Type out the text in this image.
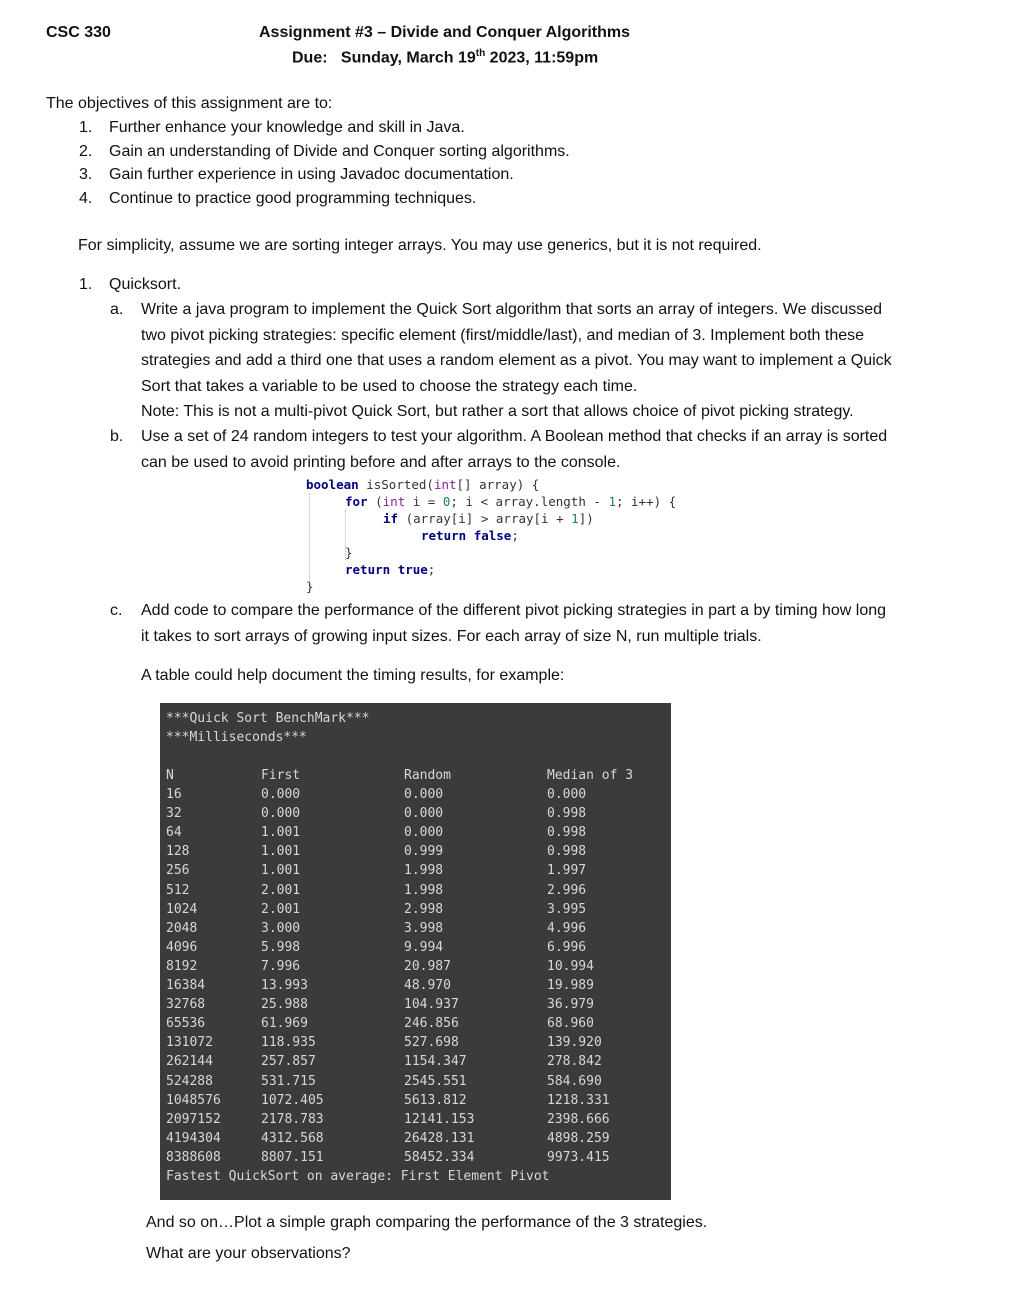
CSC 330	Assignment #3 – Divide and Conquer Algorithms
Due: Sunday, March 19th 2023, 11:59pm
The objectives of this assignment are to:
1. Further enhance your knowledge and skill in Java.
2. Gain an understanding of Divide and Conquer sorting algorithms.
3. Gain further experience in using Javadoc documentation.
4. Continue to practice good programming techniques.
For simplicity, assume we are sorting integer arrays. You may use generics, but it is not required.
1. Quicksort.
a. Write a java program to implement the Quick Sort algorithm that sorts an array of integers. We discussed
two pivot picking strategies: specific element (first/middle/last), and median of 3. Implement both these
strategies and add a third one that uses a random element as a pivot. You may want to implement a Quick
Sort that takes a variable to be used to choose the strategy each time.
Note: This is not a multi-pivot Quick Sort, but rather a sort that allows choice of pivot picking strategy.
b. Use a set of 24 random integers to test your algorithm. A Boolean method that checks if an array is sorted
can be used to avoid printing before and after arrays to the console.
boolean isSorted(int[] array) {
for (int i = 0; i < array.length - 1; i++) {
if (array[i] > array[i + 1])
return false;
}
return true;
}
c. Add code to compare the performance of the different pivot picking strategies in part a by timing how long
it takes to sort arrays of growing input sizes. For each array of size N, run multiple trials.
A table could help document the timing results, for example:
***Quick Sort BenchMark***
***Milliseconds***
N	First	Random	Median of 3
16	0.000	0.000	0.000
32	0.000	0.000	0.998
64	1.001	0.000	0.998
128	1.001	0.999	0.998
256	1.001	1.998	1.997
512	2.001	1.998	2.996
1024	2.001	2.998	3.995
2048	3.000	3.998	4.996
4096	5.998	9.994	6.996
8192	7.996	20.987	10.994
16384	13.993	48.970	19.989
32768	25.988	104.937	36.979
65536	61.969	246.856	68.960
131072	118.935	527.698	139.920
262144	257.857	1154.347	278.842
524288	531.715	2545.551	584.690
1048576	1072.405	5613.812	1218.331
2097152	2178.783	12141.153	2398.666
4194304	4312.568	26428.131	4898.259
8388608	8807.151	58452.334	9973.415
Fastest QuickSort on average: First Element Pivot
And so on…Plot a simple graph comparing the performance of the 3 strategies.
What are your observations?
